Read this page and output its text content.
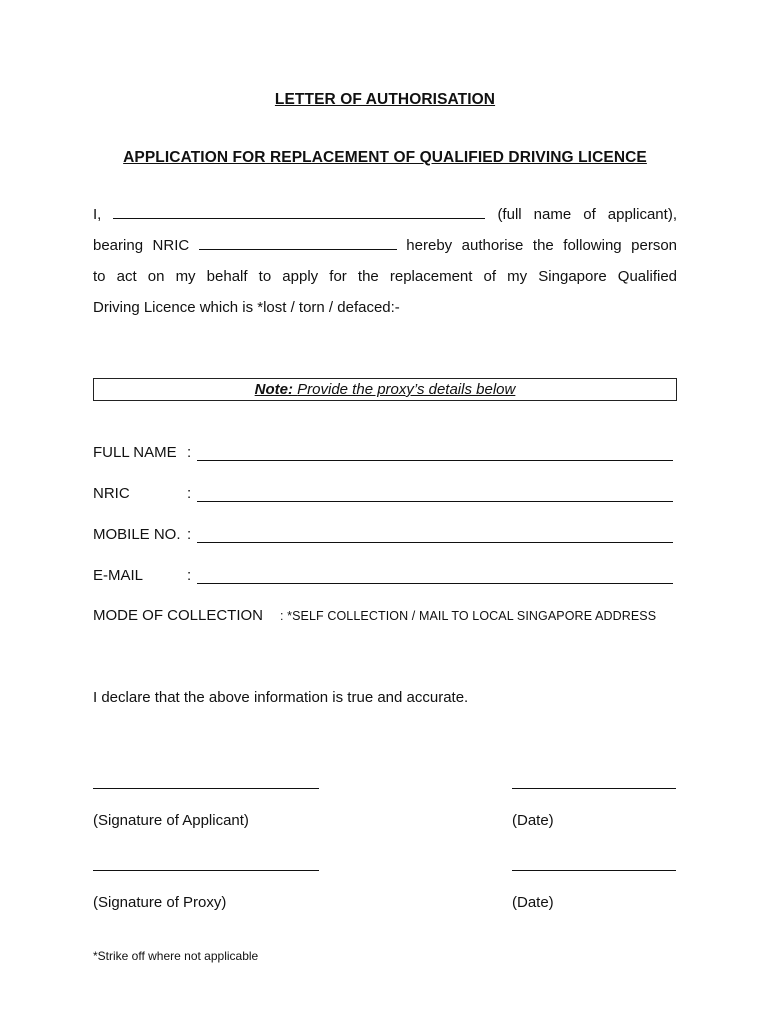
LETTER OF AUTHORISATION
APPLICATION FOR REPLACEMENT OF QUALIFIED DRIVING LICENCE
I,	(full name of applicant),
bearing NRIC	hereby authorise the following person
to act on my behalf to apply for the replacement of my Singapore Qualified
Driving Licence which is *lost / torn / defaced:-
Note: Provide the proxy’s details below
FULL NAME :
NRIC	:
MOBILE NO. :
E-MAIL	:
MODE OF COLLECTION : *SELF COLLECTION / MAIL TO LOCAL SINGAPORE ADDRESS
I declare that the above information is true and accurate.
(Signature of Applicant)	(Date)
(Signature of Proxy)	(Date)
*Strike off where not applicable
